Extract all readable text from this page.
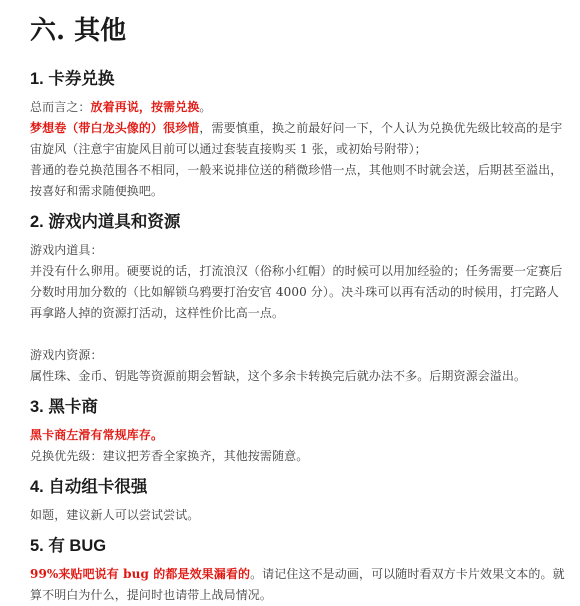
六. 其他
1. 卡券兑换

总而言之：放着再说，按需兑换。

梦想卷（带白龙头像的）很珍惜，需要慎重，换之前最好问一下，个人认为兑换优先级比较高的是宇宙旋风（注意宇宙旋风目前可以通过套装直接购买 1 张，或初始号附带）；

普通的卷兑换范围各不相同，一般来说排位送的稍微珍惜一点，其他则不时就会送，后期甚至溢出，按喜好和需求随便换吧。

2. 游戏内道具和资源

游戏内道具：

并没有什么卵用。硬要说的话，打流浪汉（俗称小红帽）的时候可以用加经验的；任务需要一定赛后分数时用加分数的（比如解锁乌鸦要打治安官 4000 分）。决斗珠可以再有活动的时候用，打完路人再拿路人掉的资源打活动，这样性价比高一点。

游戏内资源：

属性珠、金币、钥匙等资源前期会暂缺，这个多余卡转换完后就办法不多。后期资源会溢出。

3. 黑卡商

黑卡商左滑有常规库存。

兑换优先级：建议把芳香全家换齐，其他按需随意。

4. 自动组卡很强

如题，建议新人可以尝试尝试。

5. 有 BUG

99%来贴吧说有 bug 的都是效果漏看的。请记住这不是动画，可以随时看双方卡片效果文本的。就算不明白为什么，提问时也请带上战局情况。
